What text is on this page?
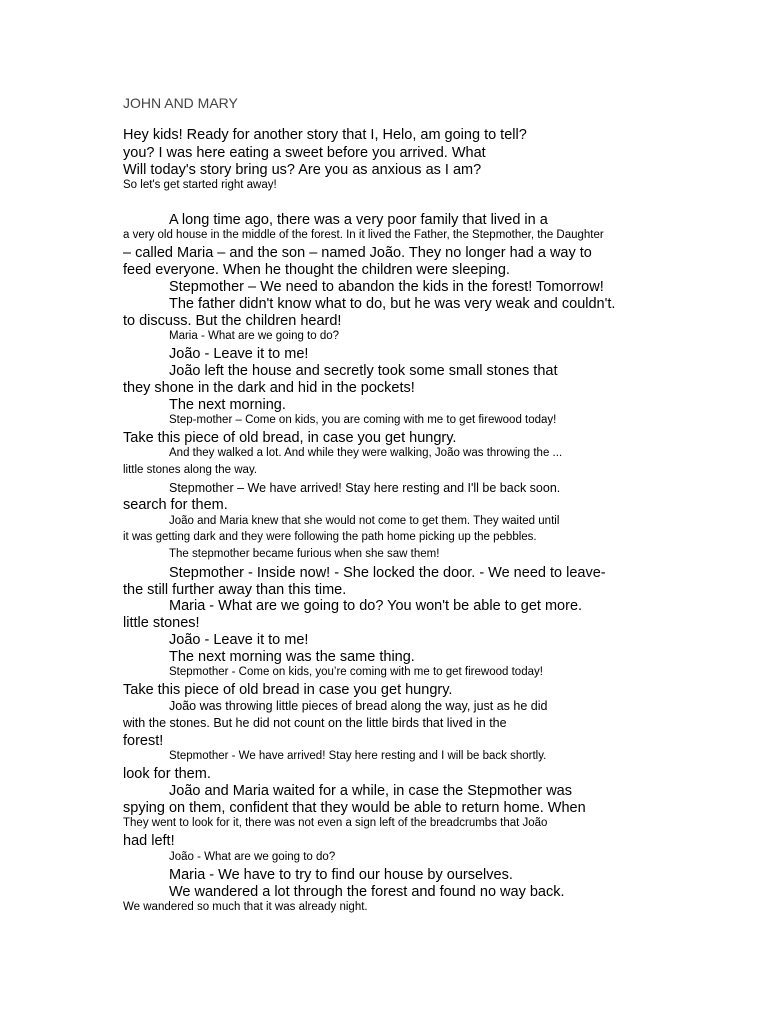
JOHN AND MARY
Hey kids! Ready for another story that I, Helo, am going to tell?
you? I was here eating a sweet before you arrived. What
Will today's story bring us? Are you as anxious as I am?
So let's get started right away!
A long time ago, there was a very poor family that lived in a
a very old house in the middle of the forest. In it lived the Father, the Stepmother, the Daughter
– called Maria – and the son – named João. They no longer had a way to
feed everyone. When he thought the children were sleeping.
Stepmother – We need to abandon the kids in the forest! Tomorrow!
The father didn't know what to do, but he was very weak and couldn't.
to discuss. But the children heard!
Maria - What are we going to do?
João - Leave it to me!
João left the house and secretly took some small stones that
they shone in the dark and hid in the pockets!
The next morning.
Step-mother – Come on kids, you are coming with me to get firewood today!
Take this piece of old bread, in case you get hungry.
And they walked a lot. And while they were walking, João was throwing the ...
little stones along the way.
Stepmother – We have arrived! Stay here resting and I'll be back soon.
search for them.
João and Maria knew that she would not come to get them. They waited until
it was getting dark and they were following the path home picking up the pebbles.
The stepmother became furious when she saw them!
Stepmother - Inside now! - She locked the door. - We need to leave-
the still further away than this time.
Maria - What are we going to do? You won't be able to get more.
little stones!
João - Leave it to me!
The next morning was the same thing.
Stepmother - Come on kids, you’re coming with me to get firewood today!
Take this piece of old bread in case you get hungry.
João was throwing little pieces of bread along the way, just as he did
with the stones. But he did not count on the little birds that lived in the
forest!
Stepmother - We have arrived! Stay here resting and I will be back shortly.
look for them.
João and Maria waited for a while, in case the Stepmother was
spying on them, confident that they would be able to return home. When
They went to look for it, there was not even a sign left of the breadcrumbs that João
had left!
João - What are we going to do?
Maria - We have to try to find our house by ourselves.
We wandered a lot through the forest and found no way back.
We wandered so much that it was already night.
